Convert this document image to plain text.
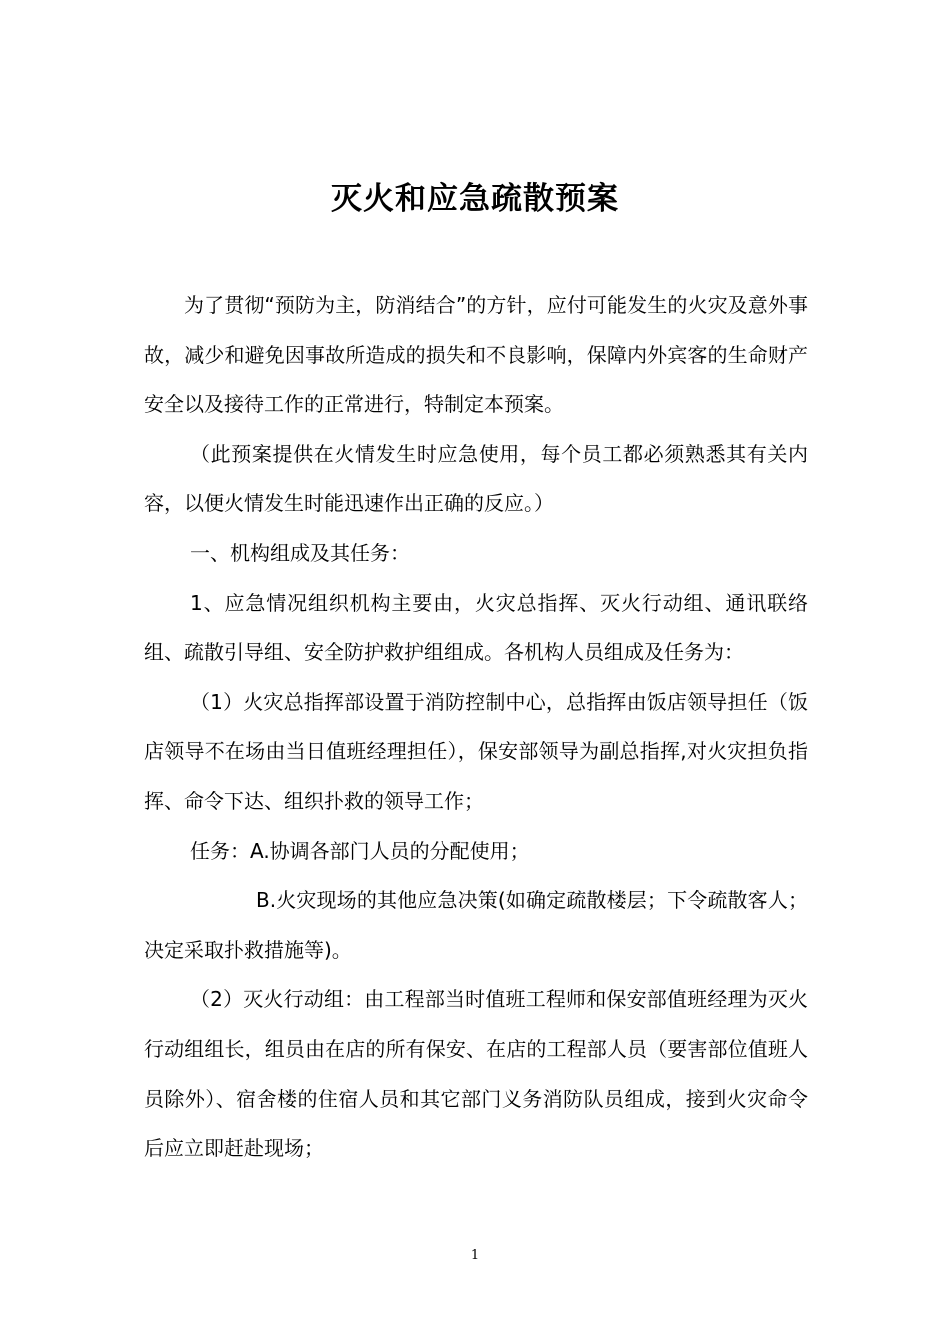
灭火和应急疏散预案

为了贯彻“预防为主，防消结合”的方针，应付可能发生的火灾及意外事故，减少和避免因事故所造成的损失和不良影响，保障内外宾客的生命财产安全以及接待工作的正常进行，特制定本预案。

（此预案提供在火情发生时应急使用，每个员工都必须熟悉其有关内容，以便火情发生时能迅速作出正确的反应。）

一、机构组成及其任务：

1、应急情况组织机构主要由，火灾总指挥、灭火行动组、通讯联络组、疏散引导组、安全防护救护组组成。各机构人员组成及任务为：

（1）火灾总指挥部设置于消防控制中心，总指挥由饭店领导担任（饭店领导不在场由当日值班经理担任），保安部领导为副总指挥,对火灾担负指挥、命令下达、组织扑救的领导工作；

任务：A.协调各部门人员的分配使用；

B.火灾现场的其他应急决策(如确定疏散楼层；下令疏散客人；决定采取扑救措施等)。

（2）灭火行动组：由工程部当时值班工程师和保安部值班经理为灭火行动组组长，组员由在店的所有保安、在店的工程部人员（要害部位值班人员除外）、宿舍楼的住宿人员和其它部门义务消防队员组成，接到火灾命令后应立即赶赴现场；

1
